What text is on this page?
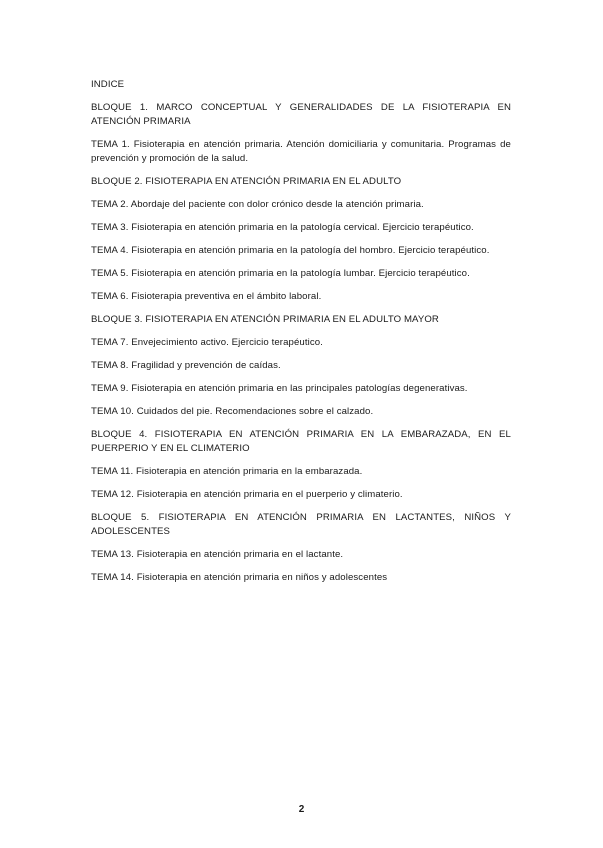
INDICE

BLOQUE 1. MARCO CONCEPTUAL Y GENERALIDADES DE LA FISIOTERAPIA EN ATENCIÓN PRIMARIA

TEMA 1. Fisioterapia en atención primaria. Atención domiciliaria y comunitaria. Programas de prevención y promoción de la salud.

BLOQUE 2. FISIOTERAPIA EN ATENCIÓN PRIMARIA EN EL ADULTO

TEMA 2. Abordaje del paciente con dolor crónico desde la atención primaria.

TEMA 3. Fisioterapia en atención primaria en la patología cervical. Ejercicio terapéutico.

TEMA 4. Fisioterapia en atención primaria en la patología del hombro. Ejercicio terapéutico.

TEMA 5. Fisioterapia en atención primaria en la patología lumbar. Ejercicio terapéutico.

TEMA 6. Fisioterapia preventiva en el ámbito laboral.

BLOQUE 3. FISIOTERAPIA EN ATENCIÓN PRIMARIA EN EL ADULTO MAYOR

TEMA 7. Envejecimiento activo. Ejercicio terapéutico.

TEMA 8. Fragilidad y prevención de caídas.

TEMA 9. Fisioterapia en atención primaria en las principales patologías degenerativas.

TEMA 10. Cuidados del pie. Recomendaciones sobre el calzado.

BLOQUE 4. FISIOTERAPIA EN ATENCIÓN PRIMARIA EN LA EMBARAZADA, EN EL PUERPERIO Y EN EL CLIMATERIO

TEMA 11. Fisioterapia en atención primaria en la embarazada.

TEMA 12. Fisioterapia en atención primaria en el puerperio y climaterio.

BLOQUE 5. FISIOTERAPIA EN ATENCIÓN PRIMARIA EN LACTANTES, NIÑOS Y ADOLESCENTES

TEMA 13. Fisioterapia en atención primaria en el lactante.

TEMA 14. Fisioterapia en atención primaria en niños y adolescentes

2
